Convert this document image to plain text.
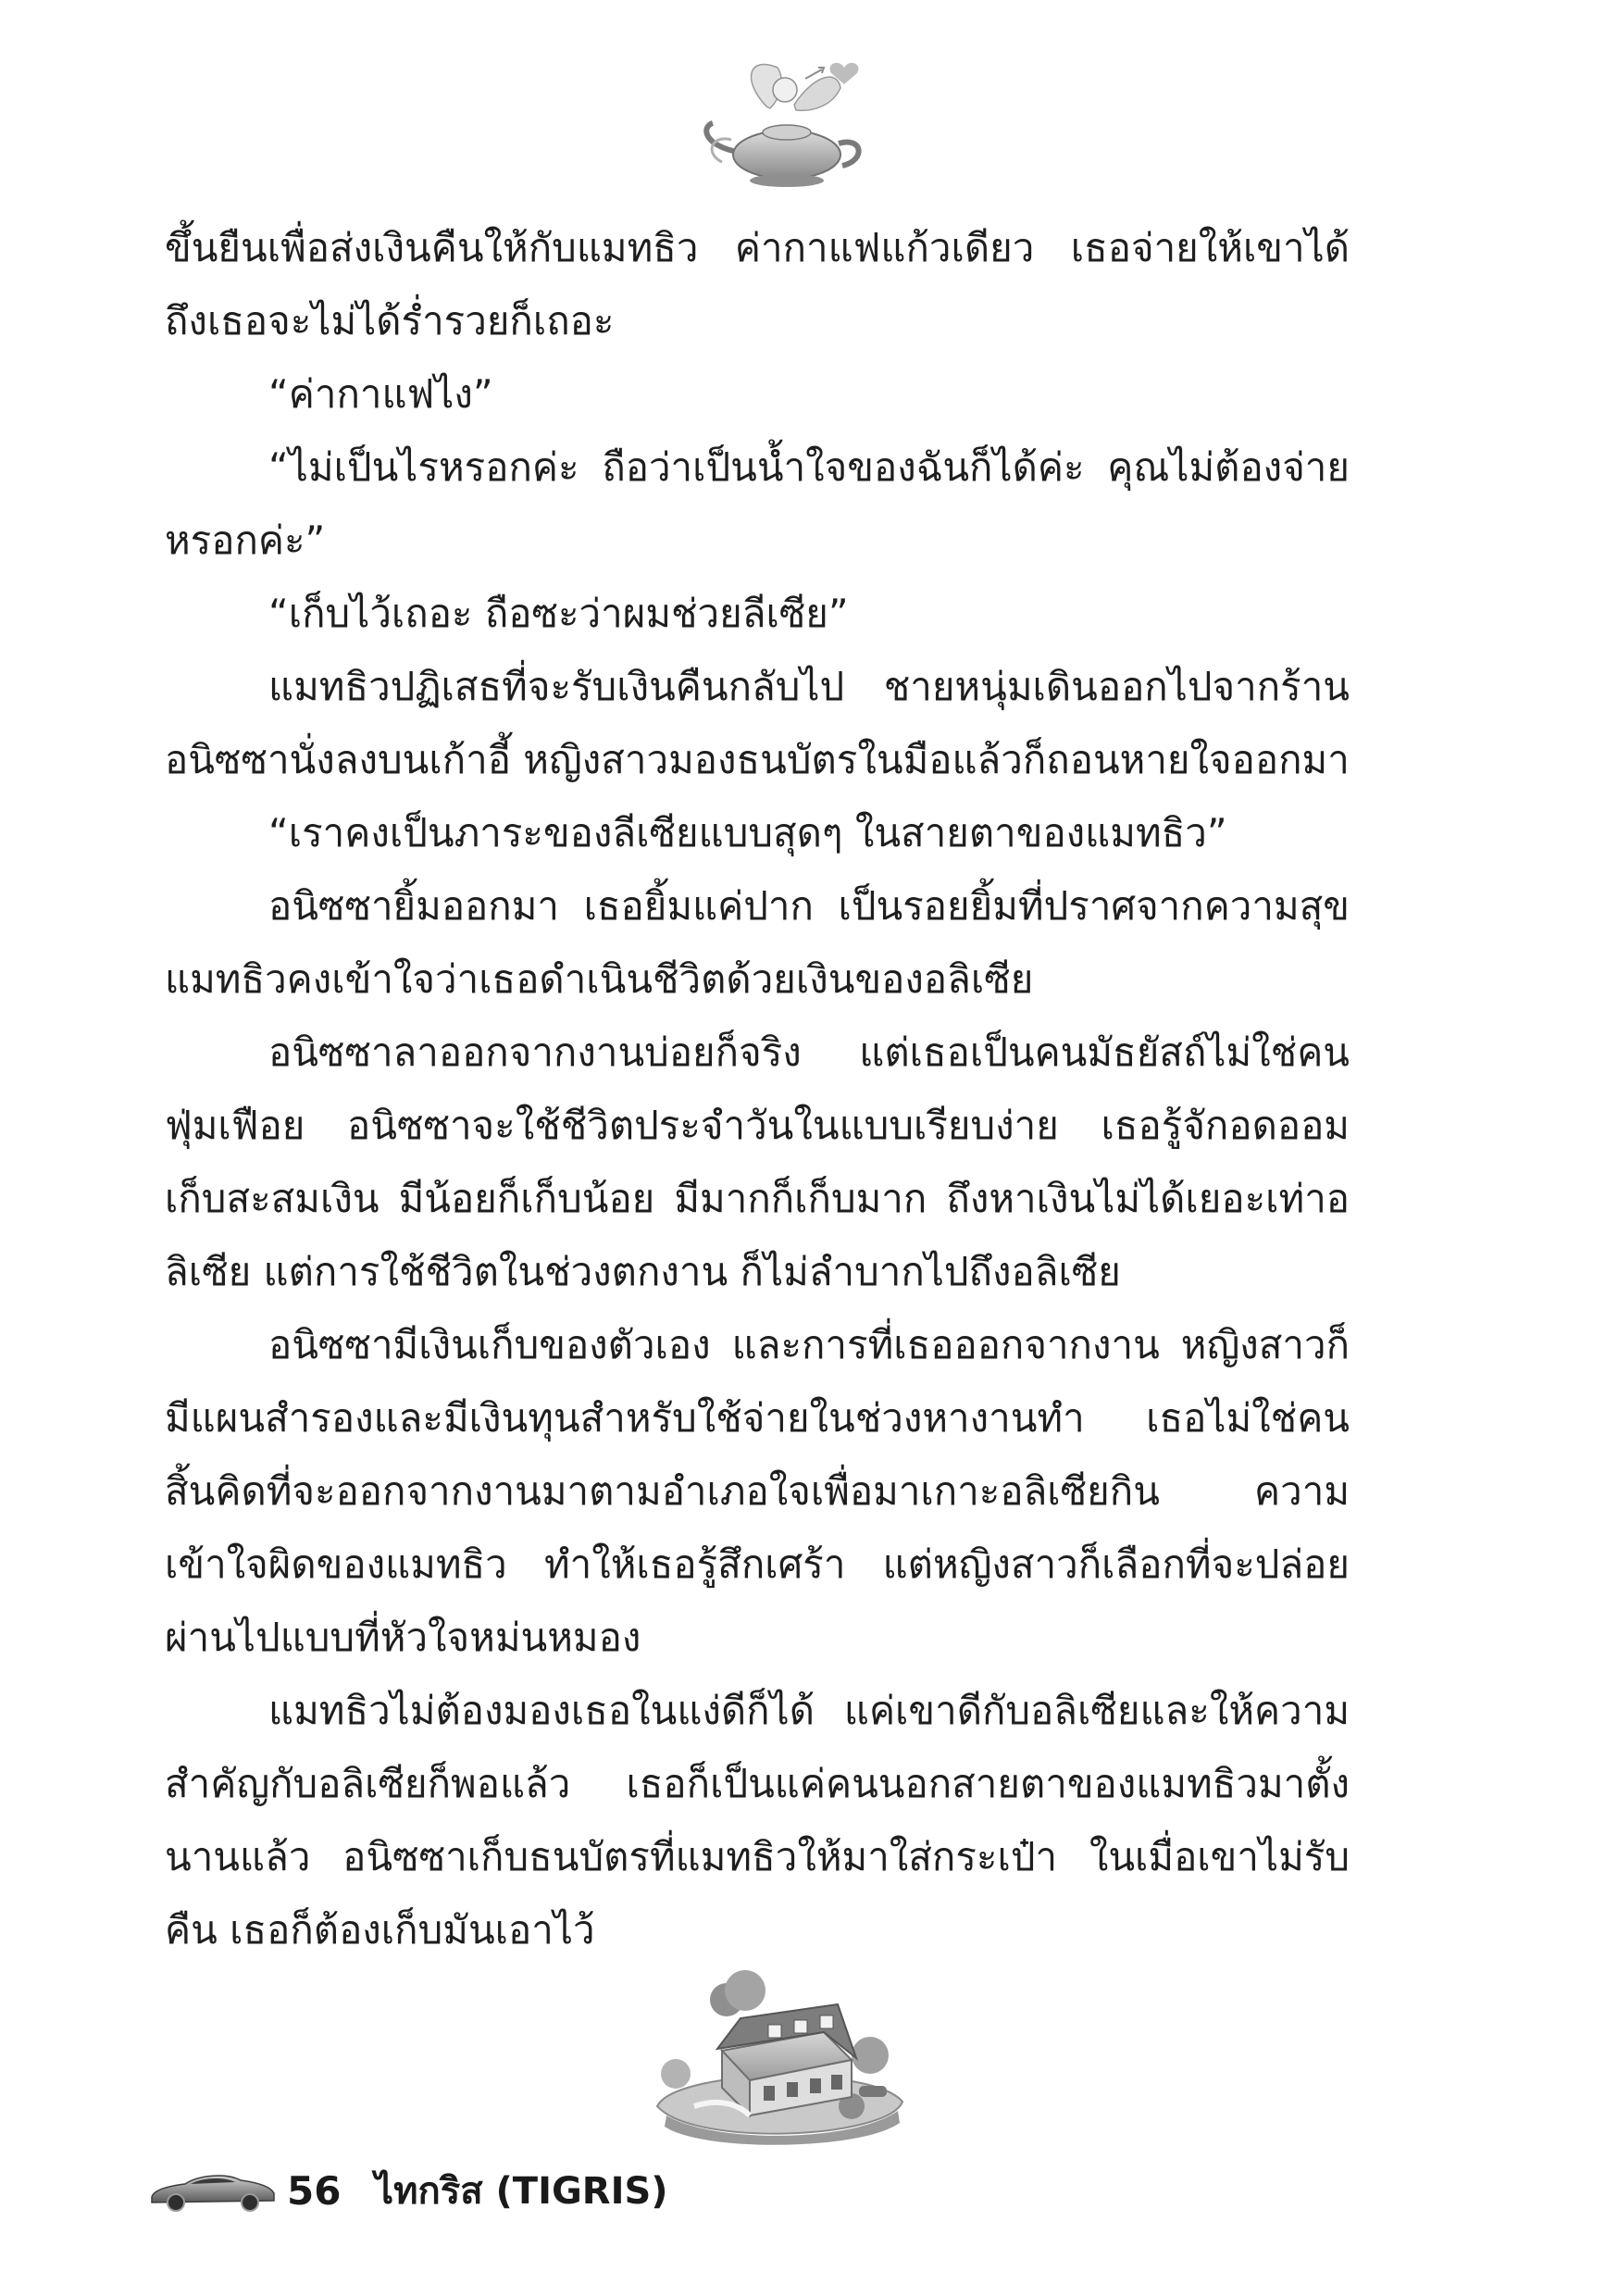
ขึ้นยืนเพื่อส่งเงินคืนให้กับแมทธิว ค่ากาแฟแก้วเดียว เธอจ่ายให้เขาได้ ถึงเธอจะไม่ได้ร่ำรวยก็เถอะ

“ค่ากาแฟไง”

“ไม่เป็นไรหรอกค่ะ ถือว่าเป็นน้ำใจของฉันก็ได้ค่ะ คุณไม่ต้องจ่ายหรอกค่ะ”

“เก็บไว้เถอะ ถือซะว่าผมช่วยลีเซีย”

แมทธิวปฏิเสธที่จะรับเงินคืนกลับไป ชายหนุ่มเดินออกไปจากร้าน อนิซซานั่งลงบนเก้าอี้ หญิงสาวมองธนบัตรในมือแล้วก็ถอนหายใจออกมา

“เราคงเป็นภาระของลีเซียแบบสุดๆ ในสายตาของแมทธิว”

อนิซซายิ้มออกมา เธอยิ้มแค่ปาก เป็นรอยยิ้มที่ปราศจากความสุข แมทธิวคงเข้าใจว่าเธอดำเนินชีวิตด้วยเงินของอลิเซีย

อนิซซาลาออกจากงานบ่อยก็จริง แต่เธอเป็นคนมัธยัสถ์ไม่ใช่คนฟุ่มเฟือย อนิซซาจะใช้ชีวิตประจำวันในแบบเรียบง่าย เธอรู้จักอดออม เก็บสะสมเงิน มีน้อยก็เก็บน้อย มีมากก็เก็บมาก ถึงหาเงินไม่ได้เยอะเท่าอลิเซีย แต่การใช้ชีวิตในช่วงตกงาน ก็ไม่ลำบากไปถึงอลิเซีย

อนิซซามีเงินเก็บของตัวเอง และการที่เธอออกจากงาน หญิงสาวก็มีแผนสำรองและมีเงินทุนสำหรับใช้จ่ายในช่วงหางานทำ เธอไม่ใช่คนสิ้นคิดที่จะออกจากงานมาตามอำเภอใจเพื่อมาเกาะอลิเซียกิน ความเข้าใจผิดของแมทธิว ทำให้เธอรู้สึกเศร้า แต่หญิงสาวก็เลือกที่จะปล่อยผ่านไปแบบที่หัวใจหม่นหมอง

แมทธิวไม่ต้องมองเธอในแง่ดีก็ได้ แค่เขาดีกับอลิเซียและให้ความสำคัญกับอลิเซียก็พอแล้ว เธอก็เป็นแค่คนนอกสายตาของแมทธิวมาตั้งนานแล้ว อนิซซาเก็บธนบัตรที่แมทธิวให้มาใส่กระเป๋า ในเมื่อเขาไม่รับคืน เธอก็ต้องเก็บมันเอาไว้

56 ไทกริส (TIGRIS)
